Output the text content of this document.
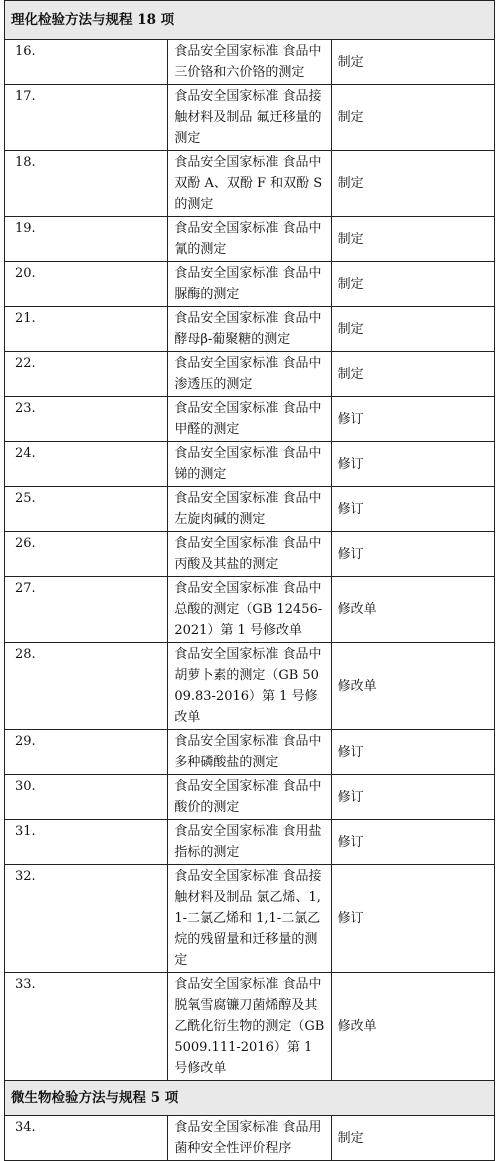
理化检验方法与规程 18 项		
16.	食品安全国家标准 食品中三价铬和六价铬的测定	制定
17.	食品安全国家标准 食品接触材料及制品 氟迁移量的测定	制定
18.	食品安全国家标准 食品中双酚 A、双酚 F 和双酚 S 的测定	制定
19.	食品安全国家标准 食品中氰的测定	制定
20.	食品安全国家标准 食品中脲酶的测定	制定
21.	食品安全国家标准 食品中酵母β-葡聚糖的测定	制定
22.	食品安全国家标准 食品中渗透压的测定	制定
23.	食品安全国家标准 食品中甲醛的测定	修订
24.	食品安全国家标准 食品中锑的测定	修订
25.	食品安全国家标准 食品中左旋肉碱的测定	修订
26.	食品安全国家标准 食品中丙酸及其盐的测定	修订
27.	食品安全国家标准 食品中总酸的测定（GB 12456-2021）第 1 号修改单	修改单
28.	食品安全国家标准 食品中胡萝卜素的测定（GB 5009.83-2016）第 1 号修改单	修改单
29.	食品安全国家标准 食品中多种磷酸盐的测定	修订
30.	食品安全国家标准 食品中酸价的测定	修订
31.	食品安全国家标准 食用盐指标的测定	修订
32.	食品安全国家标准 食品接触材料及制品 氯乙烯、1,1-二氯乙烯和 1,1-二氯乙烷的残留量和迁移量的测定	修订
33.	食品安全国家标准 食品中脱氧雪腐镰刀菌烯醇及其乙酰化衍生物的测定（GB 5009.111-2016）第 1 号修改单	修改单
微生物检验方法与规程 5 项		
34.	食品安全国家标准 食品用菌种安全性评价程序	制定
